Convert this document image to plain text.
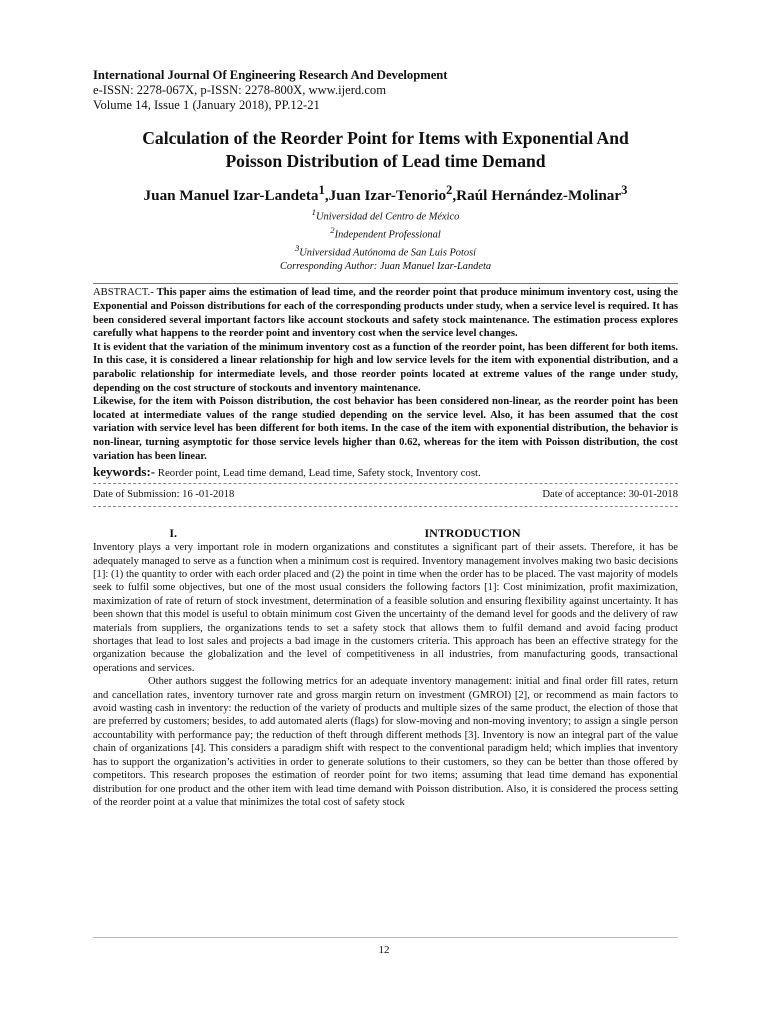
International Journal Of Engineering Research And Development
e-ISSN: 2278-067X, p-ISSN: 2278-800X, www.ijerd.com
Volume 14, Issue 1 (January 2018), PP.12-21
Calculation of the Reorder Point for Items with Exponential And
Poisson Distribution of Lead time Demand
Juan Manuel Izar-Landeta$^1$,Juan Izar-Tenorio$^2$,Raúl Hernández-Molinar$^3$
$^1$Universidad del Centro de México
$^2$Independent Professional
$^3$Universidad Autónoma de San Luis Potosí
Corresponding Author: Juan Manuel Izar-Landeta

ABSTRACT.- This paper aims the estimation of lead time, and the reorder point that produce minimum inventory cost, using the Exponential and Poisson distributions for each of the corresponding products under study, when a service level is required. It has been considered several important factors like account stockouts and safety stock maintenance. The estimation process explores carefully what happens to the reorder point and inventory cost when the service level changes.

It is evident that the variation of the minimum inventory cost as a function of the reorder point, has been different for both items. In this case, it is considered a linear relationship for high and low service levels for the item with exponential distribution, and a parabolic relationship for intermediate levels, and those reorder points located at extreme values of the range under study, depending on the cost structure of stockouts and inventory maintenance.

Likewise, for the item with Poisson distribution, the cost behavior has been considered non-linear, as the reorder point has been located at intermediate values of the range studied depending on the service level. Also, it has been assumed that the cost variation with service level has been different for both items. In the case of the item with exponential distribution, the behavior is non-linear, turning asymptotic for those service levels higher than 0.62, whereas for the item with Poisson distribution, the cost variation has been linear.

keywords:- Reorder point, Lead time demand, Lead time, Safety stock, Inventory cost.
Date of Submission: 16 -01-2018	Date of acceptance: 30-01-2018
I.	INTRODUCTION

Inventory plays a very important role in modern organizations and constitutes a significant part of their assets. Therefore, it has be adequately managed to serve as a function when a minimum cost is required. Inventory management involves making two basic decisions [1]: (1) the quantity to order with each order placed and (2) the point in time when the order has to be placed. The vast majority of models seek to fulfil some objectives, but one of the most usual considers the following factors [1]: Cost minimization, profit maximization, maximization of rate of return of stock investment, determination of a feasible solution and ensuring flexibility against uncertainty. It has been shown that this model is useful to obtain minimum cost Given the uncertainty of the demand level for goods and the delivery of raw materials from suppliers, the organizations tends to set a safety stock that allows them to fulfil demand and avoid facing product shortages that lead to lost sales and projects a bad image in the customers criteria. This approach has been an effective strategy for the organization because the globalization and the level of competitiveness in all industries, from manufacturing goods, transactional operations and services.

Other authors suggest the following metrics for an adequate inventory management: initial and final order fill rates, return and cancellation rates, inventory turnover rate and gross margin return on investment (GMROI) [2], or recommend as main factors to avoid wasting cash in inventory: the reduction of the variety of products and multiple sizes of the same product, the election of those that are preferred by customers; besides, to add automated alerts (flags) for slow-moving and non-moving inventory; to assign a single person accountability with performance pay; the reduction of theft through different methods [3]. Inventory is now an integral part of the value chain of organizations [4]. This considers a paradigm shift with respect to the conventional paradigm held; which implies that inventory has to support the organization’s activities in order to generate solutions to their customers, so they can be better than those offered by competitors. This research proposes the estimation of reorder point for two items; assuming that lead time demand has exponential distribution for one product and the other item with lead time demand with Poisson distribution. Also, it is considered the process setting of the reorder point at a value that minimizes the total cost of safety stock

12
